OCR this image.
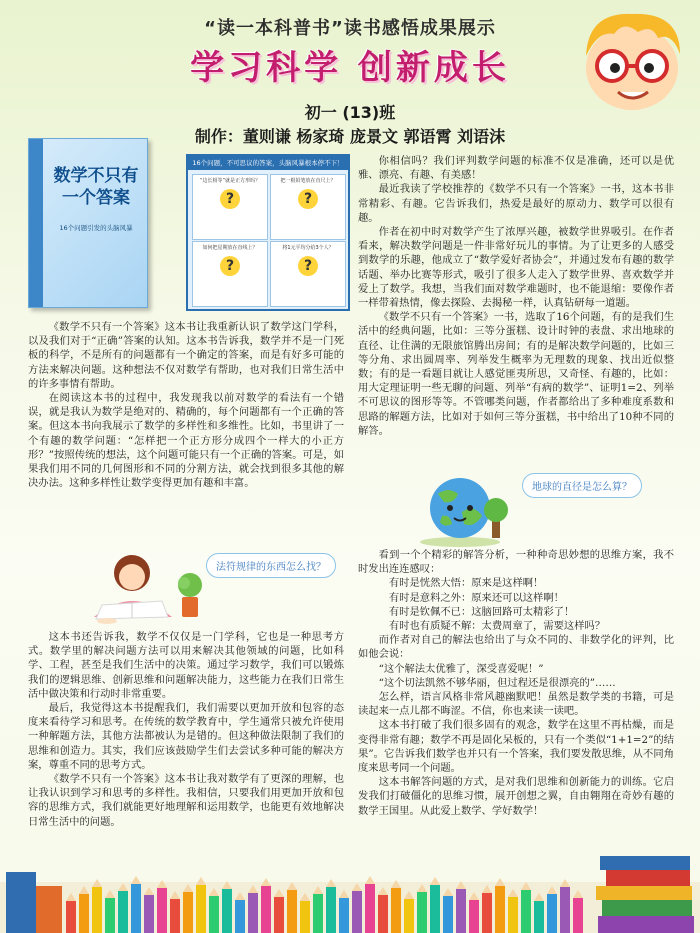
“读一本科普书”读书感悟成果展示
学习科学 创新成长
初一 (13)班
制作：董则谦 杨家琦 庞景文 郭语霄 刘语沫
数学不只有一个答案
16个问题引发的头脑风暴
16个问题，不可思议的答案，头脑风暴根本停不下！
“边长相等”就是正方形吗？
?
把一根铅笔放在直尺上？
?
如何把星期放在直线上？
?
将1元平均分给3个人？
?

《数学不只有一个答案》这本书让我重新认识了数学这门学科，以及我们对于“正确”答案的认知。这本书告诉我，数学并不是一门死板的科学，不是所有的问题都有一个确定的答案，而是有好多可能的方法来解决问题。这种想法不仅对数学有帮助，也对我们日常生活中的许多事情有帮助。

在阅读这本书的过程中，我发现我以前对数学的看法有一个错误，就是我认为数学是绝对的、精确的，每个问题都有一个正确的答案。但这本书向我展示了数学的多样性和多维性。比如，书里讲了一个有趣的数学问题：“怎样把一个正方形分成四个一样大的小正方形？”按照传统的想法，这个问题可能只有一个正确的答案。可是，如果我们用不同的几何图形和不同的分割方法，就会找到很多其他的解决办法。这种多样性让数学变得更加有趣和丰富。

法符规律的东西怎么找？

这本书还告诉我，数学不仅仅是一门学科，它也是一种思考方式。数学里的解决问题方法可以用来解决其他领域的问题，比如科学、工程，甚至是我们生活中的决策。通过学习数学，我们可以锻炼我们的逻辑思维、创新思维和问题解决能力，这些能力在我们日常生活中做决策和行动时非常重要。

最后，我觉得这本书提醒我们，我们需要以更加开放和包容的态度来看待学习和思考。在传统的数学教育中，学生通常只被允许使用一种解题方法，其他方法都被认为是错的。但这种做法限制了我们的思维和创造力。其实，我们应该鼓励学生们去尝试多种可能的解决方案，尊重不同的思考方式。

《数学不只有一个答案》这本书让我对数学有了更深的理解，也让我认识到学习和思考的多样性。我相信，只要我们用更加开放和包容的思维方式，我们就能更好地理解和运用数学，也能更有效地解决日常生活中的问题。

你相信吗？我们评判数学问题的标准不仅是准确，还可以是优雅、漂亮、有趣、有美感！

最近我读了学校推荐的《数学不只有一个答案》一书，这本书非常精彩、有趣。它告诉我们，热爱是最好的原动力、数学可以很有趣。

作者在初中时对数学产生了浓厚兴趣，被数学世界吸引。在作者看来，解决数学问题是一件非常好玩儿的事情。为了让更多的人感受到数学的乐趣，他成立了“数学爱好者协会”，并通过发布有趣的数学话题、举办比赛等形式，吸引了很多人走入了数学世界、喜欢数学并爱上了数学。我想，当我们面对数学难题时，也不能退缩：要像作者一样带着热情，像去探险、去揭秘一样，认真钻研每一道题。

《数学不只有一个答案》一书，选取了16个问题，有的是我们生活中的经典问题，比如：三等分蛋糕、设计时钟的表盘、求出地球的直径、让住满的无限旅馆腾出房间；有的是解决数学问题的，比如三等分角、求出圆周率、列举发生概率为无理数的现象、找出近似整数；有的是一看题目就让人感觉匪夷所思，又奇怪、有趣的，比如：用大定理证明一些无聊的问题、列举“有病的数学”、证明1=2、列举不可思议的图形等等。不管哪类问题，作者都给出了多种难度系数和思路的解题方法，比如对于如何三等分蛋糕，书中给出了10种不同的解答。

地球的直径是怎么算？

看到一个个精彩的解答分析，一种种奇思妙想的思维方案，我不时发出连连感叹：

有时是恍然大悟：原来是这样啊！

有时是意料之外：原来还可以这样啊！

有时是钦佩不已：这脑回路可太精彩了！

有时也有质疑不解：太费周章了，需要这样吗？

而作者对自己的解法也给出了与众不同的、非数学化的评判，比如他会说：

“这个解法太优雅了，深受喜爱呢！”

“这个切法凯然不够华丽，但过程还是很漂亮的”……

怎么样，语言风格非常风趣幽默吧！虽然是数学类的书籍，可是读起来一点儿都不晦涩。不信，你也来读一读吧。

这本书打破了我们很多固有的观念，数学在这里不再枯燥，而是变得非常有趣；数学不再是固化呆板的，只有一个类似“1+1=2”的结果”。它告诉我们数学也并只有一个答案，我们要发散思维，从不同角度来思考同一个问题。

这本书解答问题的方式，是对我们思维和创新能力的训练。它启发我们打破僵化的思维习惯，展开创想之翼，自由翱翔在奇妙有趣的数学王国里。从此爱上数学、学好数学！
